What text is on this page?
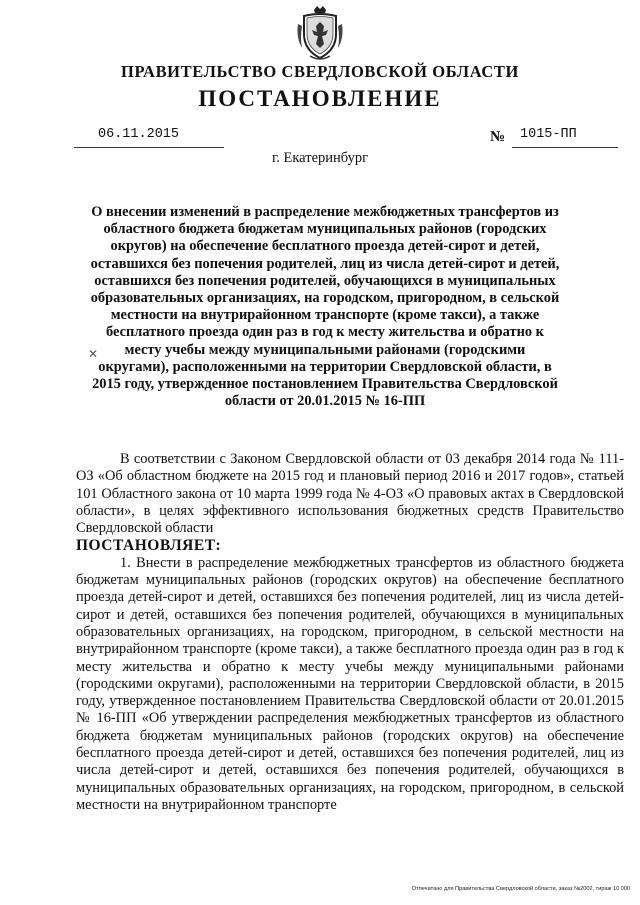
ПРАВИТЕЛЬСТВО СВЕРДЛОВСКОЙ ОБЛАСТИ
ПОСТАНОВЛЕНИЕ
06.11.2015	№ 1015-ПП
г. Екатеринбург
О внесении изменений в распределение межбюджетных трансфертов из областного бюджета бюджетам муниципальных районов (городских округов) на обеспечение бесплатного проезда детей-сирот и детей, оставшихся без попечения родителей, лиц из числа детей-сирот и детей, оставшихся без попечения родителей, обучающихся в муниципальных образовательных организациях, на городском, пригородном, в сельской местности на внутрирайонном транспорте (кроме такси), а также бесплатного проезда один раз в год к месту жительства и обратно к месту учебы между муниципальными районами (городскими округами), расположенными на территории Свердловской области, в 2015 году, утвержденное постановлением Правительства Свердловской области от 20.01.2015 № 16-ПП
✕

В соответствии с Законом Свердловской области от 03 декабря 2014 года № 111-ОЗ «Об областном бюджете на 2015 год и плановый период 2016 и 2017 годов», статьей 101 Областного закона от 10 марта 1999 года № 4-ОЗ «О правовых актах в Свердловской области», в целях эффективного использования бюджетных средств Правительство Свердловской области

ПОСТАНОВЛЯЕТ:

1. Внести в распределение межбюджетных трансфертов из областного бюджета бюджетам муниципальных районов (городских округов) на обеспечение бесплатного проезда детей-сирот и детей, оставшихся без попечения родителей, лиц из числа детей-сирот и детей, оставшихся без попечения родителей, обучающихся в муниципальных образовательных организациях, на городском, пригородном, в сельской местности на внутрирайонном транспорте (кроме такси), а также бесплатного проезда один раз в год к месту жительства и обратно к месту учебы между муниципальными районами (городскими округами), расположенными на территории Свердловской области, в 2015 году, утвержденное постановлением Правительства Свердловской области от 20.01.2015 № 16-ПП «Об утверждении распределения межбюджетных трансфертов из областного бюджета бюджетам муниципальных районов (городских округов) на обеспечение бесплатного проезда детей-сирот и детей, оставшихся без попечения родителей, лиц из числа детей-сирот и детей, оставшихся без попечения родителей, обучающихся в муниципальных образовательных организациях, на городском, пригородном, в сельской местности на внутрирайонном транспорте

Отпечатано для Правительства Свердловской области, заказ №2002, тираж 10 000
